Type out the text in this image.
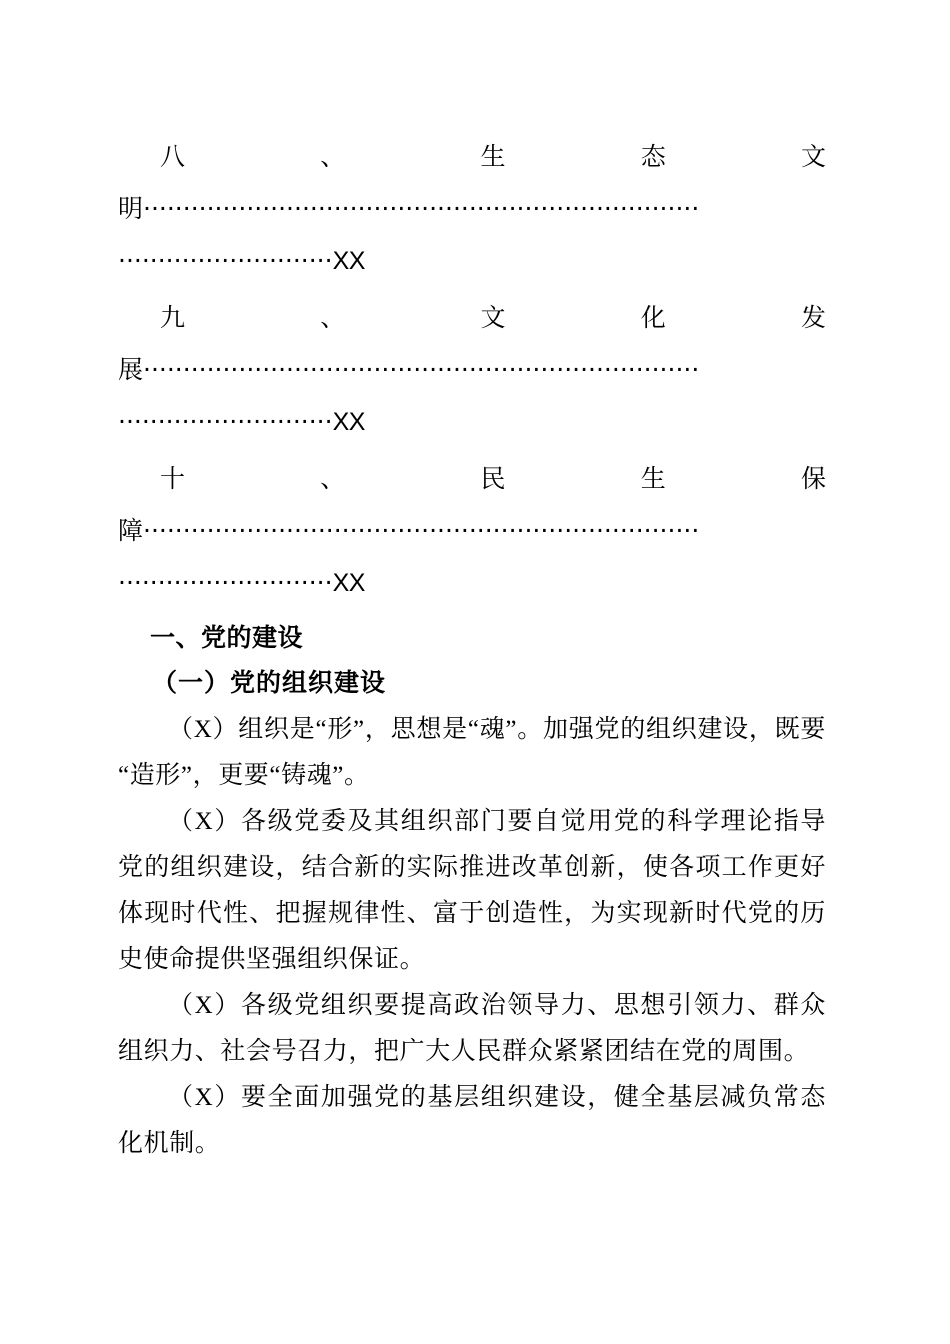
八	、	生	态	文
明 ······································································
··························· XX
九	、	文	化	发
展 ······································································
··························· XX
十	、	民	生	保
障 ······································································
··························· XX
一、党的建设
（一）党的组织建设

（X）组织是“形”，思想是“魂”。加强党的组织建设，既要“造形”，更要“铸魂”。

（X）各级党委及其组织部门要自觉用党的科学理论指导党的组织建设，结合新的实际推进改革创新，使各项工作更好体现时代性、把握规律性、富于创造性，为实现新时代党的历史使命提供坚强组织保证。

（X）各级党组织要提高政治领导力、思想引领力、群众组织力、社会号召力，把广大人民群众紧紧团结在党的周围。

（X）要全面加强党的基层组织建设，健全基层减负常态化机制。
